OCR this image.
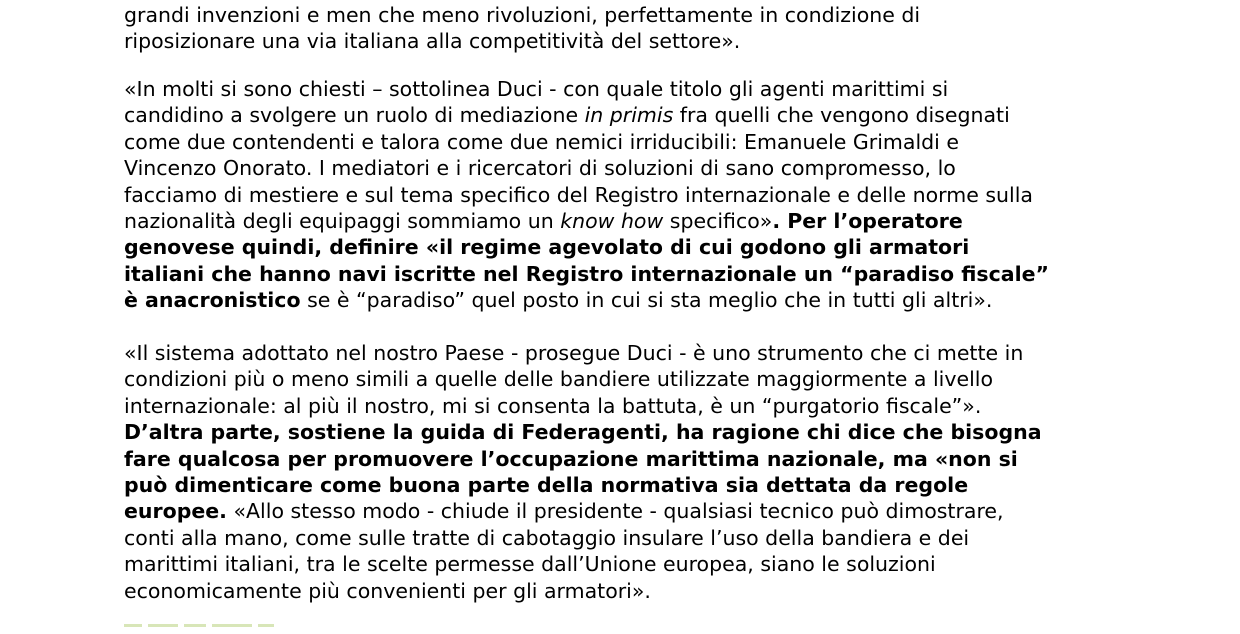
grandi invenzioni e men che meno rivoluzioni, perfettamente in condizione di
riposizionare una via italiana alla competitività del settore».

«In molti si sono chiesti – sottolinea Duci - con quale titolo gli agenti marittimi si
candidino a svolgere un ruolo di mediazione in primis fra quelli che vengono disegnati
come due contendenti e talora come due nemici irriducibili: Emanuele Grimaldi e
Vincenzo Onorato. I mediatori e i ricercatori di soluzioni di sano compromesso, lo
facciamo di mestiere e sul tema specifico del Registro internazionale e delle norme sulla
nazionalità degli equipaggi sommiamo un know how specifico». Per l’operatore
genovese quindi, definire «il regime agevolato di cui godono gli armatori
italiani che hanno navi iscritte nel Registro internazionale un “paradiso fiscale”
è anacronistico se è “paradiso” quel posto in cui si sta meglio che in tutti gli altri».

«Il sistema adottato nel nostro Paese - prosegue Duci - è uno strumento che ci mette in
condizioni più o meno simili a quelle delle bandiere utilizzate maggiormente a livello
internazionale: al più il nostro, mi si consenta la battuta, è un “purgatorio fiscale”».
D’altra parte, sostiene la guida di Federagenti, ha ragione chi dice che bisogna
fare qualcosa per promuovere l’occupazione marittima nazionale, ma «non si
può dimenticare come buona parte della normativa sia dettata da regole
europee. «Allo stesso modo - chiude il presidente - qualsiasi tecnico può dimostrare,
conti alla mano, come sulle tratte di cabotaggio insulare l’uso della bandiera e dei
marittimi italiani, tra le scelte permesse dall’Unione europea, siano le soluzioni
economicamente più convenienti per gli armatori».
